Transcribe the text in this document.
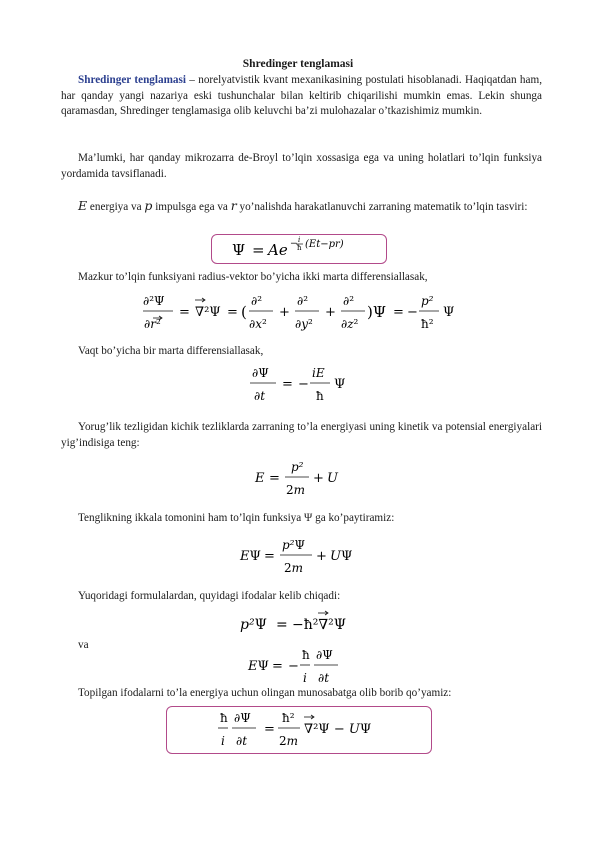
Shredinger tenglamasi
Shredinger tenglamasi – norelyatvistik kvant mexanikasining postulati hisoblanadi. Haqiqatdan ham, har qanday yangi nazariya eski tushunchalar bilan keltirib chiqarilishi mumkin emas. Lekin shunga qaramasdan, Shredinger tenglamasiga olib keluvchi ba’zi mulohazalar o’tkazishimiz mumkin.
Ma’lumki, har qanday mikrozarra de-Broyl to’lqin xossasiga ega va uning holatlari to’lqin funksiya yordamida tavsiflanadi.
E energiya va p impulsga ega va r yo’nalishda harakatlanuvchi zarraning matematik to’lqin tasviri:
Ψ = Ae − i
ħ (Et−pr)
Mazkur to’lqin funksiyani radius-vektor bo’yicha ikki marta differensiallasak,
∂²Ψ
∂r²
= ∇²Ψ = (
∂²
∂x²
+
∂²
∂y²
+
∂²
∂z²
)Ψ = −
p²
ħ²
Ψ
Vaqt bo’yicha bir marta differensiallasak,
∂Ψ
∂t
= −
iE
ħ
Ψ
Yorug’lik tezligidan kichik tezliklarda zarraning to’la energiyasi uning kinetik va potensial energiyalari yig’indisiga teng:
E =
p²
2m
+ U
Tenglikning ikkala tomonini ham to’lqin funksiya Ψ ga ko’paytiramiz:
EΨ =
p²Ψ
2m
+ UΨ
Yuqoridagi formulalardan, quyidagi ifodalar kelib chiqadi:
p²Ψ = −ħ²∇²Ψ
va
EΨ = −
ħ
i
∂Ψ
∂t
Topilgan ifodalarni to’la energiya uchun olingan munosabatga olib borib qo’yamiz:
ħ
i
∂Ψ
∂t
=
ħ²
2m
∇²Ψ − UΨ
